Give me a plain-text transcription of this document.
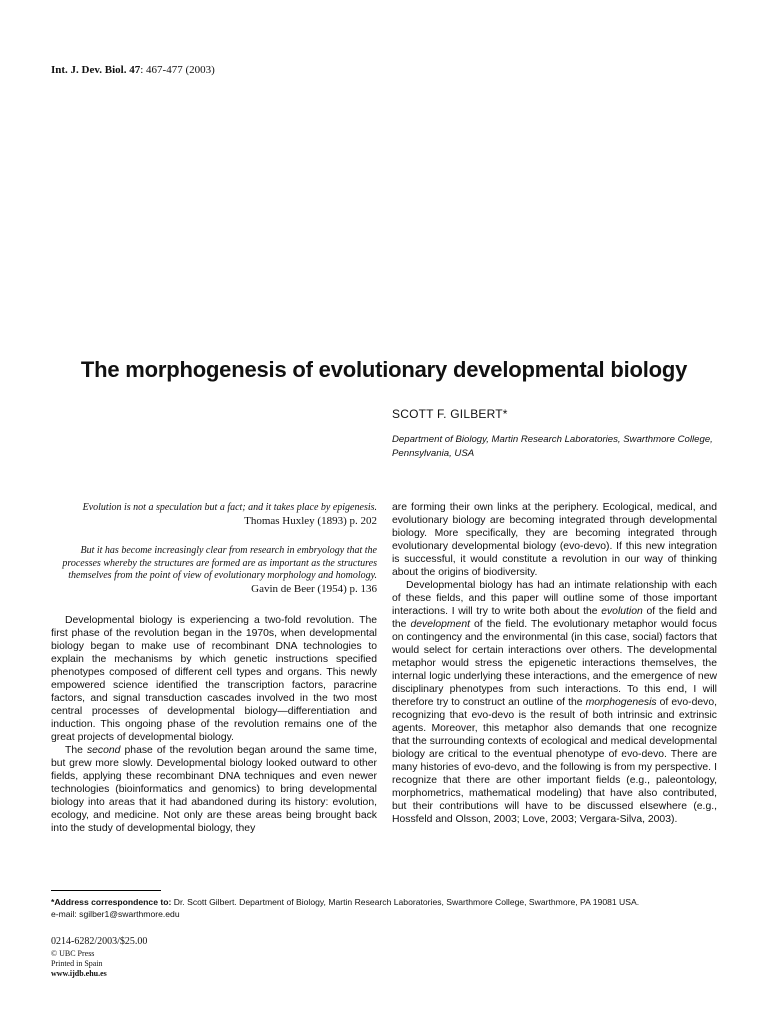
Int. J. Dev. Biol. 47: 467-477 (2003)
The morphogenesis of evolutionary developmental biology
SCOTT F. GILBERT*
Department of Biology, Martin Research Laboratories, Swarthmore College, Pennsylvania, USA
Evolution is not a speculation but a fact; and it takes place by epigenesis.
Thomas Huxley (1893) p. 202
But it has become increasingly clear from research in embryology that the processes whereby the structures are formed are as important as the structures themselves from the point of view of evolutionary morphology and homology.
Gavin de Beer (1954) p. 136

Developmental biology is experiencing a two-fold revolution. The first phase of the revolution began in the 1970s, when developmental biology began to make use of recombinant DNA technologies to explain the mechanisms by which genetic instructions specified phenotypes composed of different cell types and organs. This newly empowered science identified the transcription factors, paracrine factors, and signal transduction cascades involved in the two most central processes of developmental biology—differentiation and induction. This ongoing phase of the revolution remains one of the great projects of developmental biology.

The second phase of the revolution began around the same time, but grew more slowly. Developmental biology looked outward to other fields, applying these recombinant DNA techniques and even newer technologies (bioinformatics and genomics) to bring developmental biology into areas that it had abandoned during its history: evolution, ecology, and medicine. Not only are these areas being brought back into the study of developmental biology, they

are forming their own links at the periphery. Ecological, medical, and evolutionary biology are becoming integrated through developmental biology. More specifically, they are becoming integrated through evolutionary developmental biology (evo-devo). If this new integration is successful, it would constitute a revolution in our way of thinking about the origins of biodiversity.

Developmental biology has had an intimate relationship with each of these fields, and this paper will outline some of those important interactions. I will try to write both about the evolution of the field and the development of the field. The evolutionary metaphor would focus on contingency and the environmental (in this case, social) factors that would select for certain interactions over others. The developmental metaphor would stress the epigenetic interactions themselves, the internal logic underlying these interactions, and the emergence of new disciplinary phenotypes from such interactions. To this end, I will therefore try to construct an outline of the morphogenesis of evo-devo, recognizing that evo-devo is the result of both intrinsic and extrinsic agents. Moreover, this metaphor also demands that one recognize that the surrounding contexts of ecological and medical developmental biology are critical to the eventual phenotype of evo-devo. There are many histories of evo-devo, and the following is from my perspective. I recognize that there are other important fields (e.g., paleontology, morphometrics, mathematical modeling) that have also contributed, but their contributions will have to be discussed elsewhere (e.g., Hossfeld and Olsson, 2003; Love, 2003; Vergara-Silva, 2003).

*Address correspondence to: Dr. Scott Gilbert. Department of Biology, Martin Research Laboratories, Swarthmore College, Swarthmore, PA 19081 USA.
e-mail: sgilber1@swarthmore.edu
0214-6282/2003/$25.00
© UBC Press
Printed in Spain
www.ijdb.ehu.es
